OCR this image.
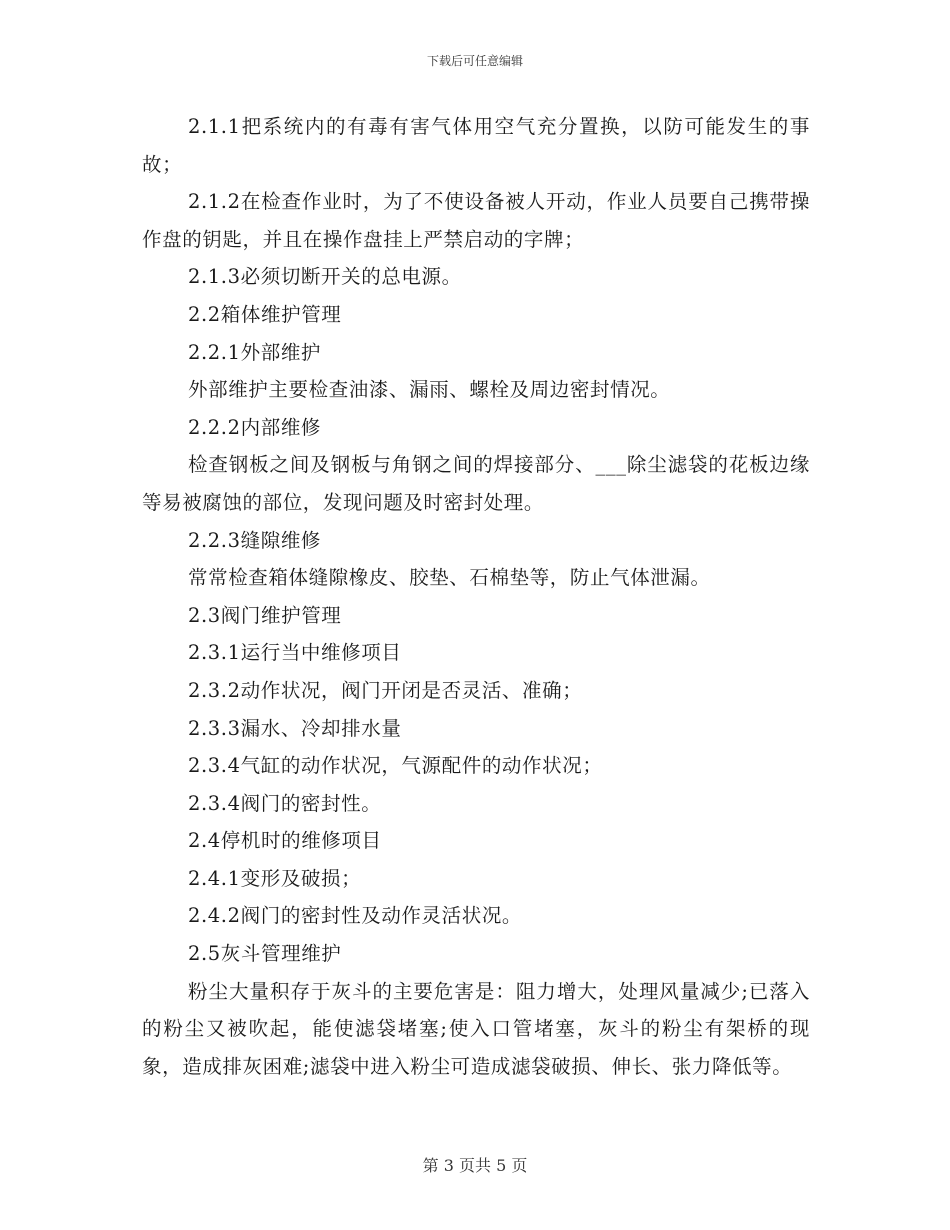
下载后可任意编辑

2.1.1把系统内的有毒有害气体用空气充分置换，以防可能发生的事故；

2.1.2在检查作业时，为了不使设备被人开动，作业人员要自己携带操作盘的钥匙，并且在操作盘挂上严禁启动的字牌；

2.1.3必须切断开关的总电源。

2.2箱体维护管理

2.2.1外部维护

外部维护主要检查油漆、漏雨、螺栓及周边密封情况。

2.2.2内部维修

检查钢板之间及钢板与角钢之间的焊接部分、___除尘滤袋的花板边缘等易被腐蚀的部位，发现问题及时密封处理。

2.2.3缝隙维修

常常检查箱体缝隙橡皮、胶垫、石棉垫等，防止气体泄漏。

2.3阀门维护管理

2.3.1运行当中维修项目

2.3.2动作状况，阀门开闭是否灵活、准确；

2.3.3漏水、冷却排水量

2.3.4气缸的动作状况，气源配件的动作状况；

2.3.4阀门的密封性。

2.4停机时的维修项目

2.4.1变形及破损；

2.4.2阀门的密封性及动作灵活状况。

2.5灰斗管理维护

粉尘大量积存于灰斗的主要危害是：阻力增大，处理风量减少;已落入的粉尘又被吹起，能使滤袋堵塞;使入口管堵塞，灰斗的粉尘有架桥的现象，造成排灰困难;滤袋中进入粉尘可造成滤袋破损、伸长、张力降低等。

第 3 页共 5 页
